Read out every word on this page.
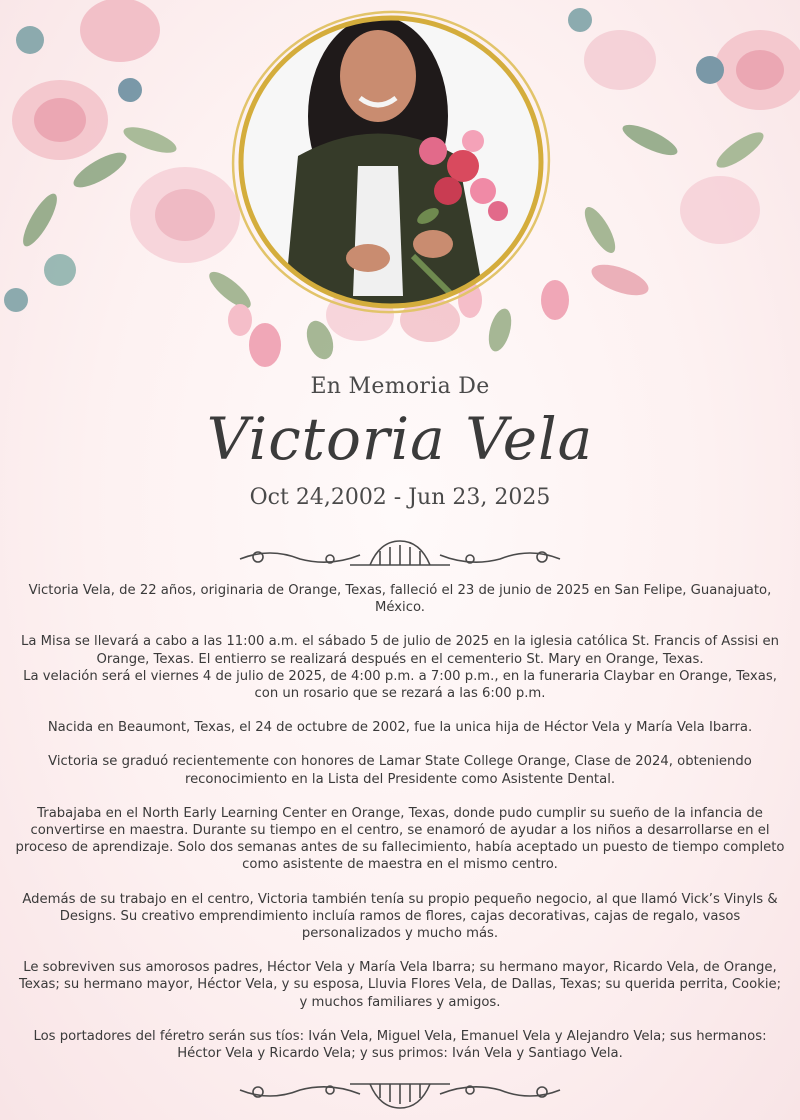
En Memoria De
Victoria Vela
Oct 24,2002 - Jun 23, 2025

Victoria Vela, de 22 años, originaria de Orange, Texas, falleció el 23 de junio de 2025 en San Felipe, Guanajuato, México.

La Misa se llevará a cabo a las 11:00 a.m. el sábado 5 de julio de 2025 en la iglesia católica St. Francis of Assisi en Orange, Texas. El entierro se realizará después en el cementerio St. Mary en Orange, Texas.

La velación será el viernes 4 de julio de 2025, de 4:00 p.m. a 7:00 p.m., en la funeraria Claybar en Orange, Texas, con un rosario que se rezará a las 6:00 p.m.

Nacida en Beaumont, Texas, el 24 de octubre de 2002, fue la unica hija de Héctor Vela y María Vela Ibarra.

Victoria se graduó recientemente con honores de Lamar State College Orange, Clase de 2024, obteniendo reconocimiento en la Lista del Presidente como Asistente Dental.

Trabajaba en el North Early Learning Center en Orange, Texas, donde pudo cumplir su sueño de la infancia de convertirse en maestra. Durante su tiempo en el centro, se enamoró de ayudar a los niños a desarrollarse en el proceso de aprendizaje. Solo dos semanas antes de su fallecimiento, había aceptado un puesto de tiempo completo como asistente de maestra en el mismo centro.

Además de su trabajo en el centro, Victoria también tenía su propio pequeño negocio, al que llamó Vick’s Vinyls & Designs. Su creativo emprendimiento incluía ramos de flores, cajas decorativas, cajas de regalo, vasos personalizados y mucho más.

Le sobreviven sus amorosos padres, Héctor Vela y María Vela Ibarra; su hermano mayor, Ricardo Vela, de Orange, Texas; su hermano mayor, Héctor Vela, y su esposa, Lluvia Flores Vela, de Dallas, Texas; su querida perrita, Cookie; y muchos familiares y amigos.

Los portadores del féretro serán sus tíos: Iván Vela, Miguel Vela, Emanuel Vela y Alejandro Vela; sus hermanos: Héctor Vela y Ricardo Vela; y sus primos: Iván Vela y Santiago Vela.
